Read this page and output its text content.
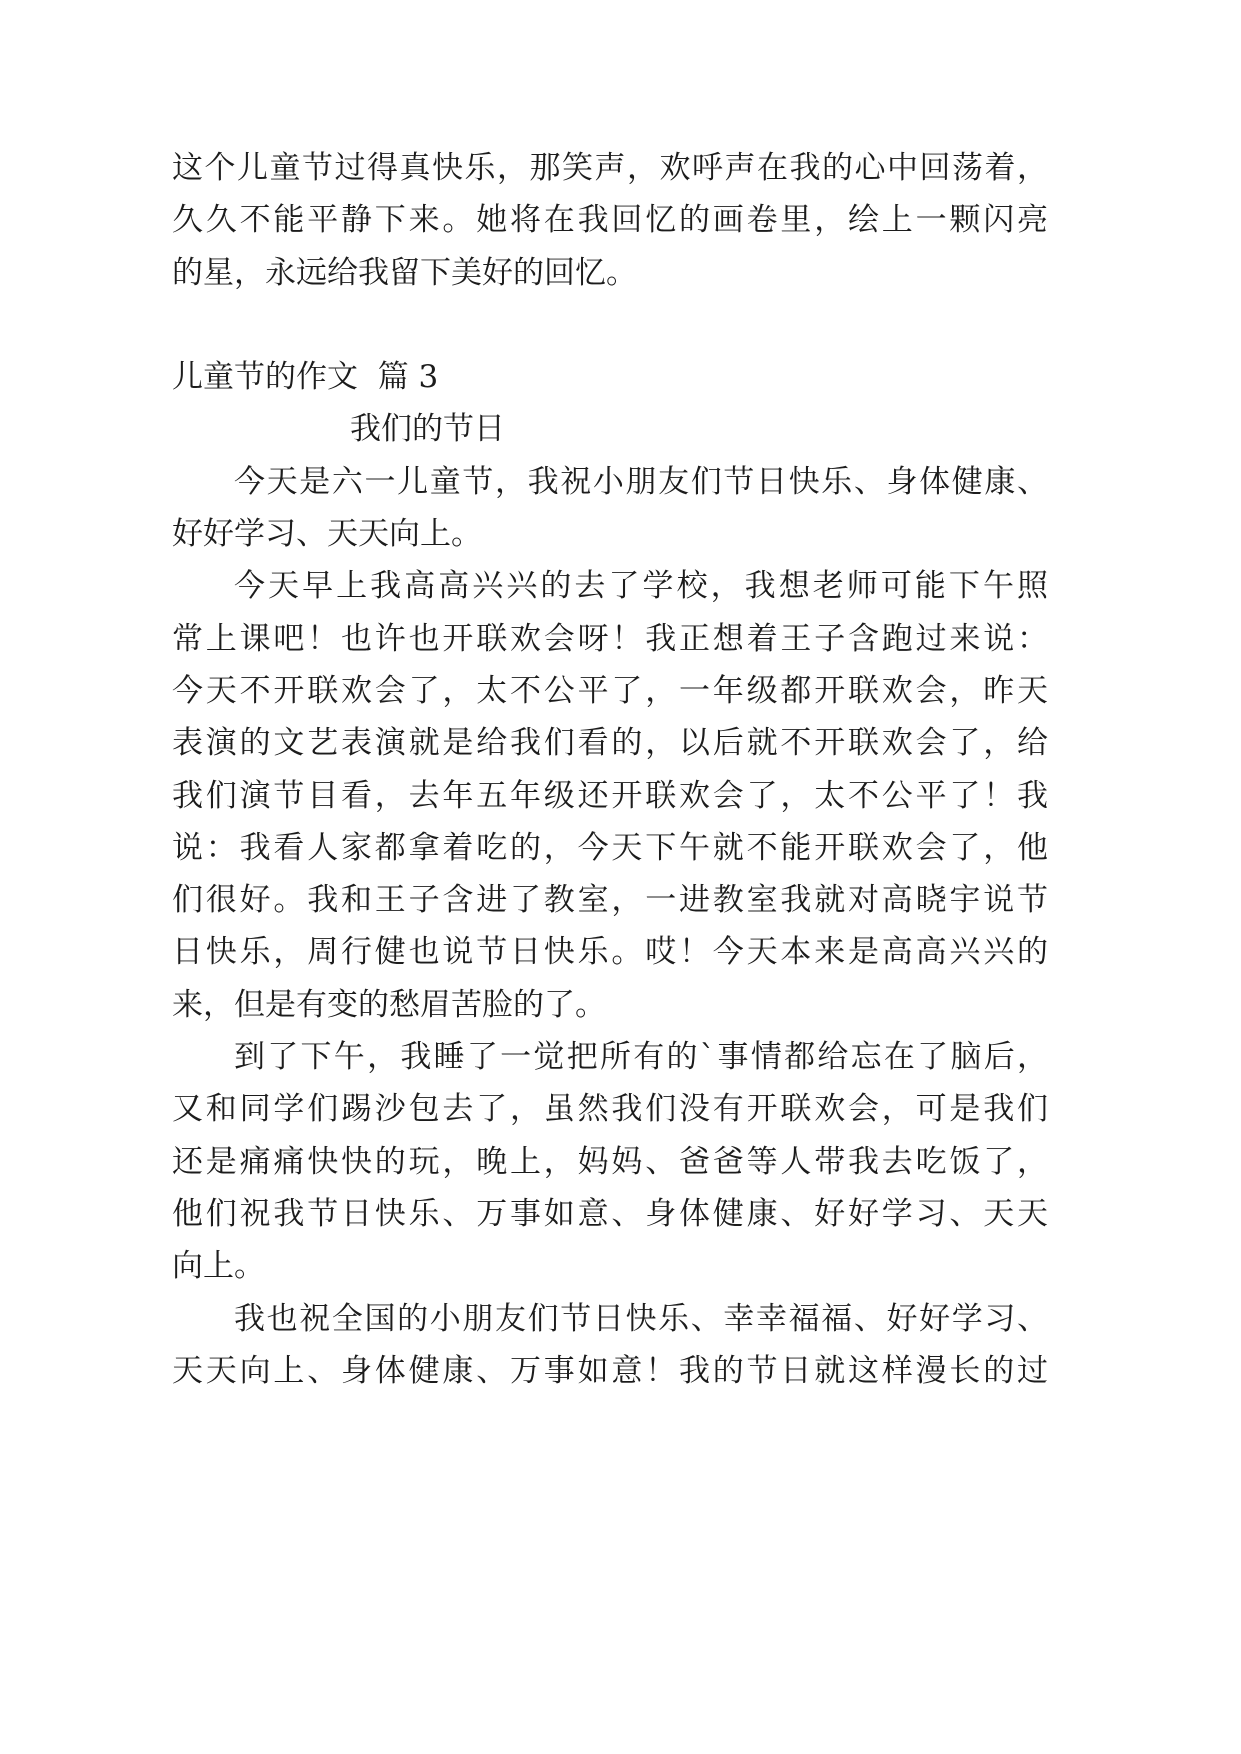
这个儿童节过得真快乐，那笑声，欢呼声在我的心中回荡着，
久久不能平静下来。她将在我回忆的画卷里，绘上一颗闪亮
的星，永远给我留下美好的回忆。
儿童节的作文  篇 3
我们的节日
今天是六一儿童节，我祝小朋友们节日快乐、身体健康、
好好学习、天天向上。
今天早上我高高兴兴的去了学校，我想老师可能下午照
常上课吧！也许也开联欢会呀！我正想着王子含跑过来说：
今天不开联欢会了，太不公平了，一年级都开联欢会，昨天
表演的文艺表演就是给我们看的，以后就不开联欢会了，给
我们演节目看，去年五年级还开联欢会了，太不公平了！我
说：我看人家都拿着吃的，今天下午就不能开联欢会了，他
们很好。我和王子含进了教室，一进教室我就对高晓宇说节
日快乐，周行健也说节日快乐。哎！今天本来是高高兴兴的
来，但是有变的愁眉苦脸的了。
到了下午，我睡了一觉把所有的`事情都给忘在了脑后，
又和同学们踢沙包去了，虽然我们没有开联欢会，可是我们
还是痛痛快快的玩，晚上，妈妈、爸爸等人带我去吃饭了，
他们祝我节日快乐、万事如意、身体健康、好好学习、天天
向上。
我也祝全国的小朋友们节日快乐、幸幸福福、好好学习、
天天向上、身体健康、万事如意！我的节日就这样漫长的过
